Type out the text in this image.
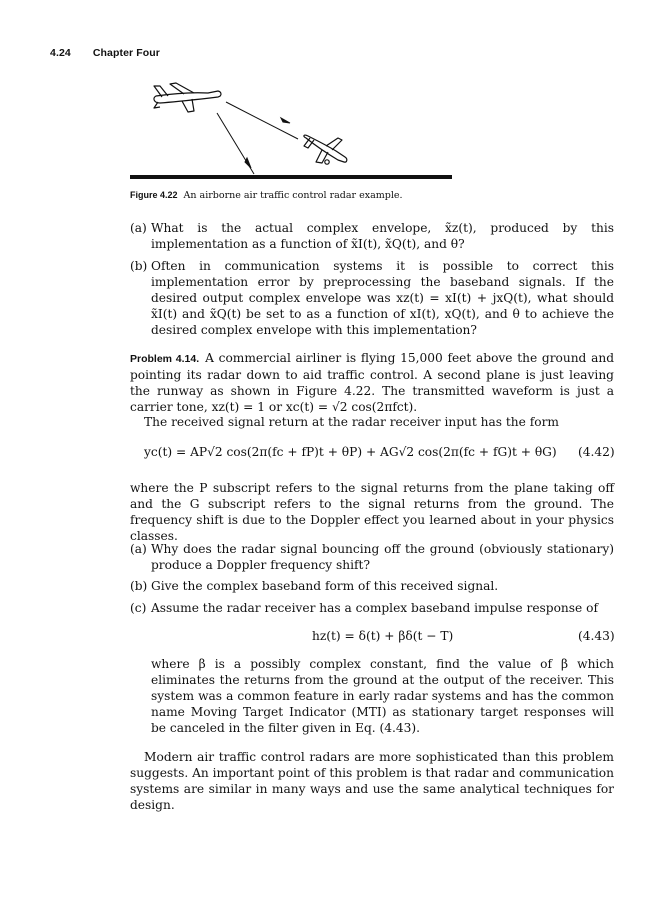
4.24 Chapter Four
Figure 4.22 An airborne air traffic control radar example.
(a) What is the actual complex envelope, x̃z(t), produced by this implementation as a function of x̃I(t), x̃Q(t), and θ?
(b) Often in communication systems it is possible to correct this implementation error by preprocessing the baseband signals. If the desired output complex envelope was xz(t) = xI(t) + jxQ(t), what should x̃I(t) and x̃Q(t) be set to as a function of xI(t), xQ(t), and θ to achieve the desired complex envelope with this implementation?
Problem 4.14. A commercial airliner is flying 15,000 feet above the ground and pointing its radar down to aid traffic control. A second plane is just leaving the runway as shown in Figure 4.22. The transmitted waveform is just a carrier tone, xz(t) = 1 or xc(t) = √2 cos(2πfct).
The received signal return at the radar receiver input has the form
yc(t) = AP√2 cos(2π(fc + fP)t + θP) + AG√2 cos(2π(fc + fG)t + θG) (4.42)
where the P subscript refers to the signal returns from the plane taking off and the G subscript refers to the signal returns from the ground. The frequency shift is due to the Doppler effect you learned about in your physics classes.
(a) Why does the radar signal bouncing off the ground (obviously stationary) produce a Doppler frequency shift?
(b) Give the complex baseband form of this received signal.
(c) Assume the radar receiver has a complex baseband impulse response of
hz(t) = δ(t) + βδ(t − T)	(4.43)
where β is a possibly complex constant, find the value of β which eliminates the returns from the ground at the output of the receiver. This system was a common feature in early radar systems and has the common name Moving Target Indicator (MTI) as stationary target responses will be canceled in the filter given in Eq. (4.43).
Modern air traffic control radars are more sophisticated than this problem suggests. An important point of this problem is that radar and communication systems are similar in many ways and use the same analytical techniques for design.
